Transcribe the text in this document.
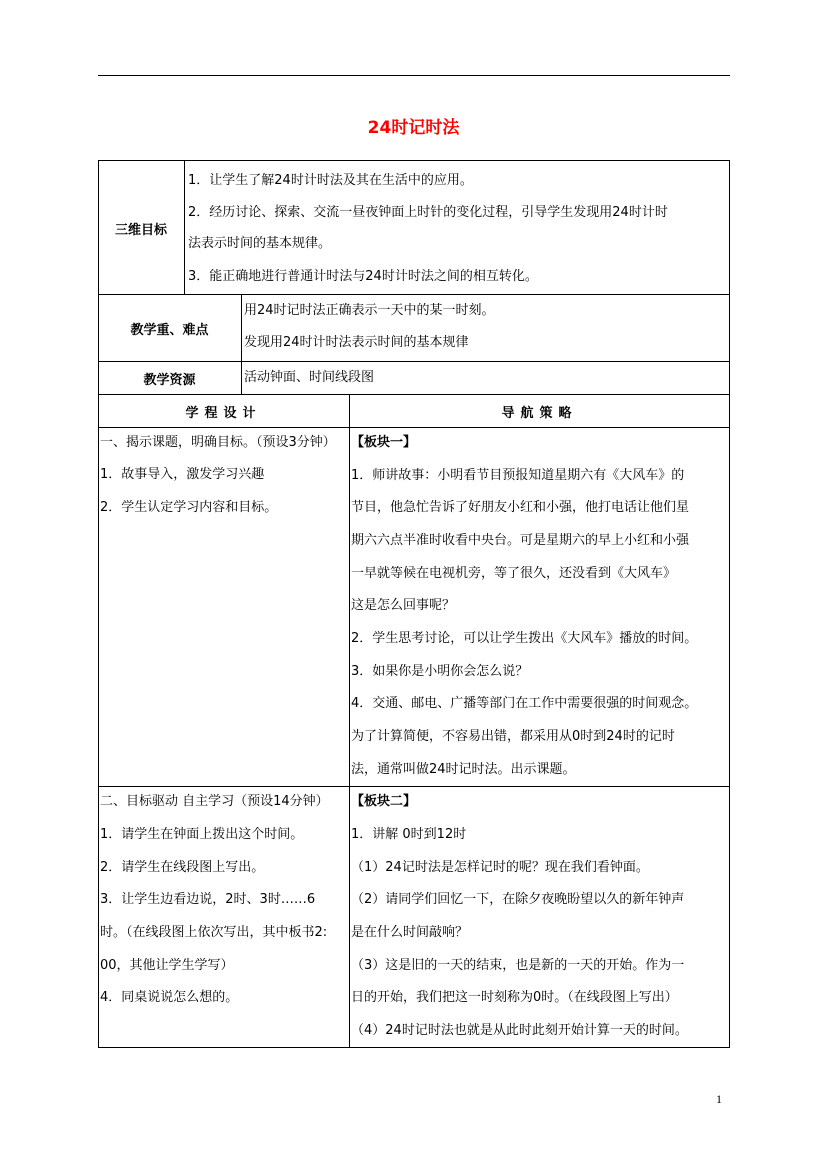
24时记时法
三维目标
1．让学生了解24时计时法及其在生活中的应用。
2．经历讨论、探索、交流一昼夜钟面上时针的变化过程，引导学生发现用24时计时
法表示时间的基本规律。
3．能正确地进行普通计时法与24时计时法之间的相互转化。
教学重、难点
用24时记时法正确表示一天中的某一时刻。
发现用24时计时法表示时间的基本规律
教学资源	活动钟面、时间线段图
学程设计	导航策略
一、揭示课题，明确目标。（预设3分钟）
1．故事导入，激发学习兴趣
2．学生认定学习内容和目标。
【板块一】
1．师讲故事：小明看节目预报知道星期六有《大风车》的
节目，他急忙告诉了好朋友小红和小强，他打电话让他们星
期六六点半准时收看中央台。可是星期六的早上小红和小强
一早就等候在电视机旁，等了很久，还没看到《大风车》
这是怎么回事呢？
2．学生思考讨论，可以让学生拨出《大风车》播放的时间。
3．如果你是小明你会怎么说？
4．交通、邮电、广播等部门在工作中需要很强的时间观念。
为了计算简便，不容易出错，都采用从0时到24时的记时
法，通常叫做24时记时法。出示课题。
二、目标驱动 自主学习（预设14分钟）
1．请学生在钟面上拨出这个时间。
2．请学生在线段图上写出。
3．让学生边看边说，2时、3时……6
时。（在线段图上依次写出，其中板书2:
00，其他让学生学写）
4．同桌说说怎么想的。
【板块二】
1．讲解 0时到12时
（1）24记时法是怎样记时的呢？现在我们看钟面。
（2）请同学们回忆一下，在除夕夜晚盼望以久的新年钟声
是在什么时间敲响？
（3）这是旧的一天的结束，也是新的一天的开始。作为一
日的开始，我们把这一时刻称为0时。（在线段图上写出）
（4）24时记时法也就是从此时此刻开始计算一天的时间。
1
